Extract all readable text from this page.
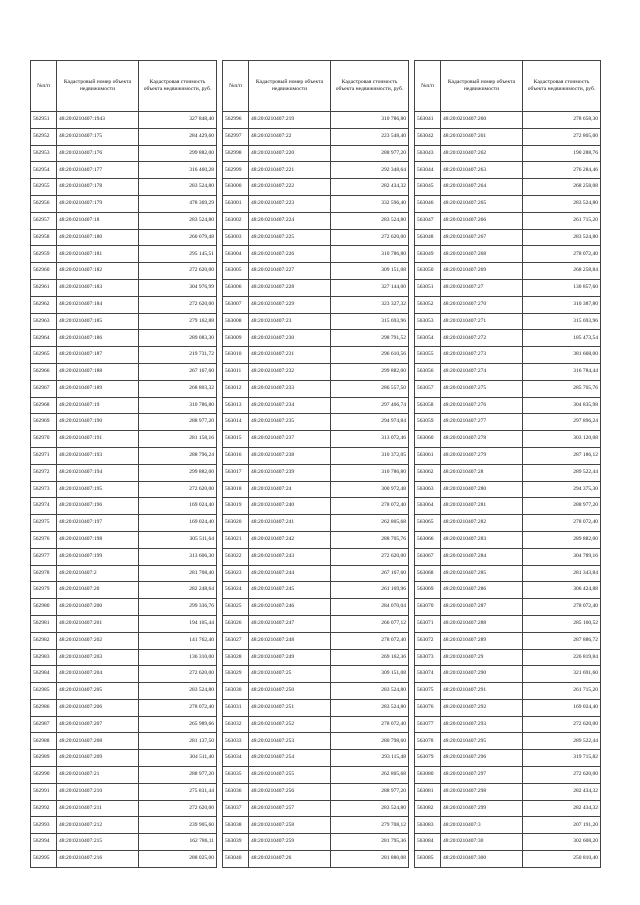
№п/п	Кадастровый номер объекта недвижимости	Кадастровая стоимость объекта недвижимости, руб.
562951	48:20:0210407:1943	327 848,40
562952	48:20:0210407:175	284 429,60
562953	48:20:0210407:176	299 882,00
562954	48:20:0210407:177	316 460,28
562955	48:20:0210407:178	283 524,80
562956	48:20:0210407:179	478 369,29
562957	48:20:0210407:18	283 524,80
562958	48:20:0210407:180	260 079,48
562959	48:20:0210407:181	295 145,51
562960	48:20:0210407:182	272 620,00
562961	48:20:0210407:183	304 976,99
562962	48:20:0210407:184	272 620,00
562963	48:20:0210407:185	279 162,88
562964	48:20:0210407:186	289 083,30
562965	48:20:0210407:187	219 731,72
562966	48:20:0210407:188	267 167,60
562967	48:20:0210407:189	268 803,32
562968	48:20:0210407:19	310 786,80
562969	48:20:0210407:190	288 977,20
562970	48:20:0210407:191	281 158,16
562971	48:20:0210407:193	288 796,24
562972	48:20:0210407:194	299 882,00
562973	48:20:0210407:195	272 620,00
562974	48:20:0210407:196	169 024,40
562975	48:20:0210407:197	169 024,40
562976	48:20:0210407:198	305 511,64
562977	48:20:0210407:199	313 606,30
562978	48:20:0210407:2	281 708,40
562979	48:20:0210407:20	282 248,64
562980	48:20:0210407:200	299 336,76
562981	48:20:0210407:201	194 105,44
562982	48:20:0210407:202	141 762,40
562983	48:20:0210407:203	136 310,00
562984	48:20:0210407:204	272 620,00
562985	48:20:0210407:205	283 524,80
562986	48:20:0210407:206	278 072,40
562987	48:20:0210407:207	265 989,66
562988	48:20:0210407:208	281 137,50
562989	48:20:0210407:209	304 511,40
562990	48:20:0210407:21	288 977,20
562991	48:20:0210407:210	275 831,44
562992	48:20:0210407:211	272 620,00
562993	48:20:0210407:212	239 905,60
562994	48:20:0210407:215	162 786,11
562995	48:20:0210407:216	288 025,00
№п/п	Кадастровый номер объекта недвижимости	Кадастровая стоимость объекта недвижимости, руб.
562996	48:20:0210407:219	310 786,80
562997	48:20:0210407:22	223 548,40
562998	48:20:0210407:220	288 977,20
562999	48:20:0210407:221	292 348,64
563000	48:20:0210407:222	282 434,32
563001	48:20:0210407:223	332 596,40
563002	48:20:0210407:224	283 524,80
563003	48:20:0210407:225	272 620,00
563004	48:20:0210407:226	310 786,80
563005	48:20:0210407:227	309 151,08
563006	48:20:0210407:228	327 144,00
563007	48:20:0210407:229	323 327,32
563008	48:20:0210407:23	315 693,96
563009	48:20:0210407:230	298 791,52
563010	48:20:0210407:231	296 610,56
563011	48:20:0210407:232	299 882,00
563012	48:20:0210407:233	286 557,50
563013	48:20:0210407:234	297 406,74
563014	48:20:0210407:235	294 974,84
563015	48:20:0210407:237	313 072,46
563016	48:20:0210407:238	310 372,05
563017	48:20:0210407:239	310 786,80
563018	48:20:0210407:24	300 972,48
563019	48:20:0210407:240	278 072,40
563020	48:20:0210407:241	262 805,68
563021	48:20:0210407:242	288 705,76
563022	48:20:0210407:243	272 620,00
563023	48:20:0210407:244	267 167,60
563024	48:20:0210407:245	261 169,96
563025	48:20:0210407:246	284 070,04
563026	48:20:0210407:247	266 077,12
563027	48:20:0210407:248	278 072,40
563028	48:20:0210407:249	269 162,36
563029	48:20:0210407:25	309 151,08
563030	48:20:0210407:250	283 524,80
563031	48:20:0210407:251	283 524,80
563032	48:20:0210407:252	278 072,40
563033	48:20:0210407:253	280 798,60
563034	48:20:0210407:254	293 115,48
563035	48:20:0210407:255	262 805,68
563036	48:20:0210407:256	288 977,20
563037	48:20:0210407:257	283 524,80
563038	48:20:0210407:258	279 708,12
563039	48:20:0210407:259	281 795,36
563040	48:20:0210407:26	281 880,08
№п/п	Кадастровый номер объекта недвижимости	Кадастровая стоимость объекта недвижимости, руб.
563041	48:20:0210407:260	278 658,30
563042	48:20:0210407:261	272 805,00
563043	48:20:0210407:262	190 288,76
563044	48:20:0210407:263	276 284,46
563045	48:20:0210407:264	268 258,08
563046	48:20:0210407:265	283 524,80
563047	48:20:0210407:266	261 715,20
563048	48:20:0210407:267	283 524,80
563049	48:20:0210407:268	278 072,40
563050	48:20:0210407:269	268 258,84
563051	48:20:0210407:27	130 857,60
563052	48:20:0210407:270	310 387,80
563053	48:20:0210407:271	315 693,96
563054	48:20:0210407:272	185 473,54
563055	48:20:0210407:273	381 668,00
563056	48:20:0210407:274	316 784,44
563057	48:20:0210407:275	285 705,76
563058	48:20:0210407:276	304 835,98
563059	48:20:0210407:277	297 896,24
563060	48:20:0210407:278	303 120,08
563061	48:20:0210407:279	287 186,12
563062	48:20:0210407:28	289 522,44
563063	48:20:0210407:280	294 375,30
563064	48:20:0210407:281	288 977,20
563065	48:20:0210407:282	278 072,40
563066	48:20:0210407:283	289 882,00
563067	48:20:0210407:284	304 789,16
563068	48:20:0210407:285	281 343,84
563069	48:20:0210407:286	306 424,88
563070	48:20:0210407:287	278 072,40
563071	48:20:0210407:288	285 160,52
563072	48:20:0210407:289	287 886,72
563073	48:20:0210407:29	226 819,84
563074	48:20:0210407:290	321 691,60
563075	48:20:0210407:291	261 715,20
563076	48:20:0210407:292	169 024,40
563077	48:20:0210407:293	272 620,00
563078	48:20:0210407:295	289 522,44
563079	48:20:0210407:296	319 715,82
563080	48:20:0210407:297	272 620,00
563081	48:20:0210407:298	282 434,32
563082	48:20:0210407:299	282 434,32
563083	48:20:0210407:3	207 191,20
563084	48:20:0210407:30	302 608,20
563085	48:20:0210407:300	250 810,40
